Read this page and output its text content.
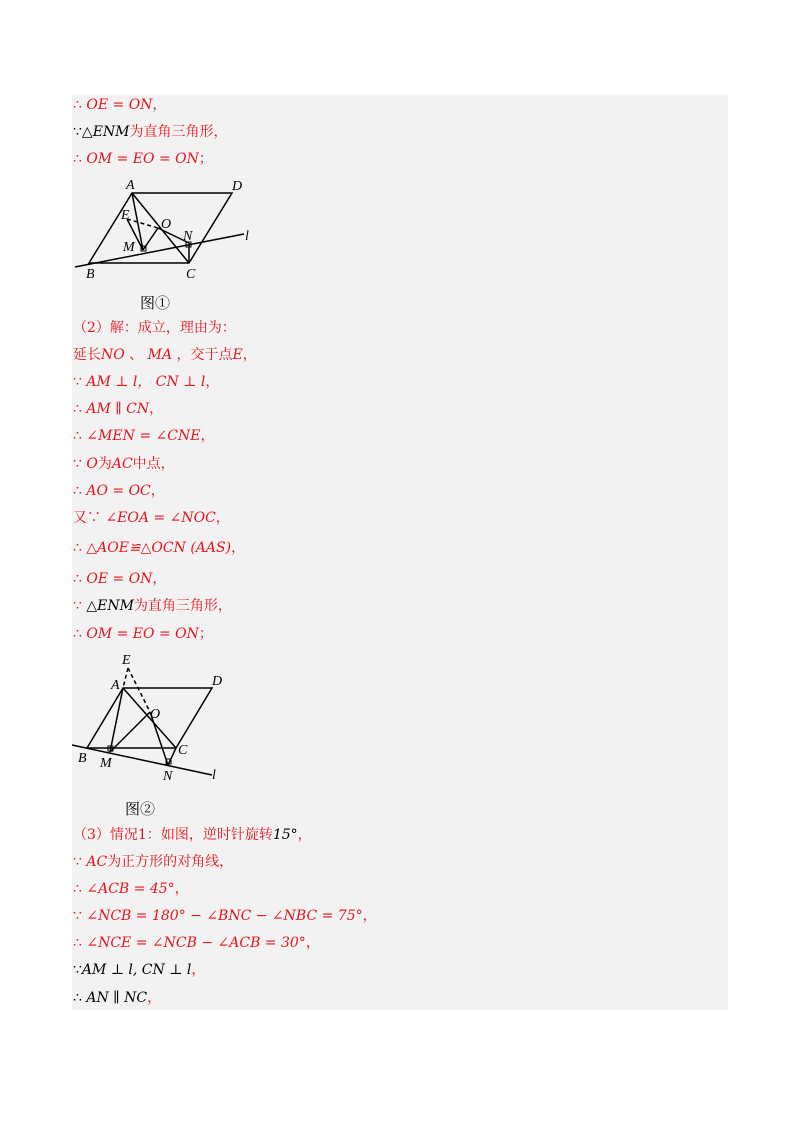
∴ OE = ON，
∵△ENM为直角三角形，
∴ OM = EO = ON；
A	D
E
O
N
M
B	C
l
图①
（2）解：成立，理由为：
延长NO 、 MA ，交于点E，
∵ AM ⊥ l， CN ⊥ l，
∴ AM ∥ CN，
∴ ∠MEN = ∠CNE，
∵ O为AC中点，
∴ AO = OC，
又∵ ∠EOA = ∠NOC，
∴ △AOE≌△OCN (AAS)，
∴ OE = ON，
∵ △ENM为直角三角形，
∴ OM = EO = ON；
E
A	D
O
C
B M
N	l
图②
（3）情况1：如图，逆时针旋转15°，
∵ AC为正方形的对角线，
∴ ∠ACB = 45°，
∵ ∠NCB = 180° − ∠BNC − ∠NBC = 75°，
∴ ∠NCE = ∠NCB − ∠ACB = 30°，
∵AM ⊥ l, CN ⊥ l，
∴ AN ∥ NC，
